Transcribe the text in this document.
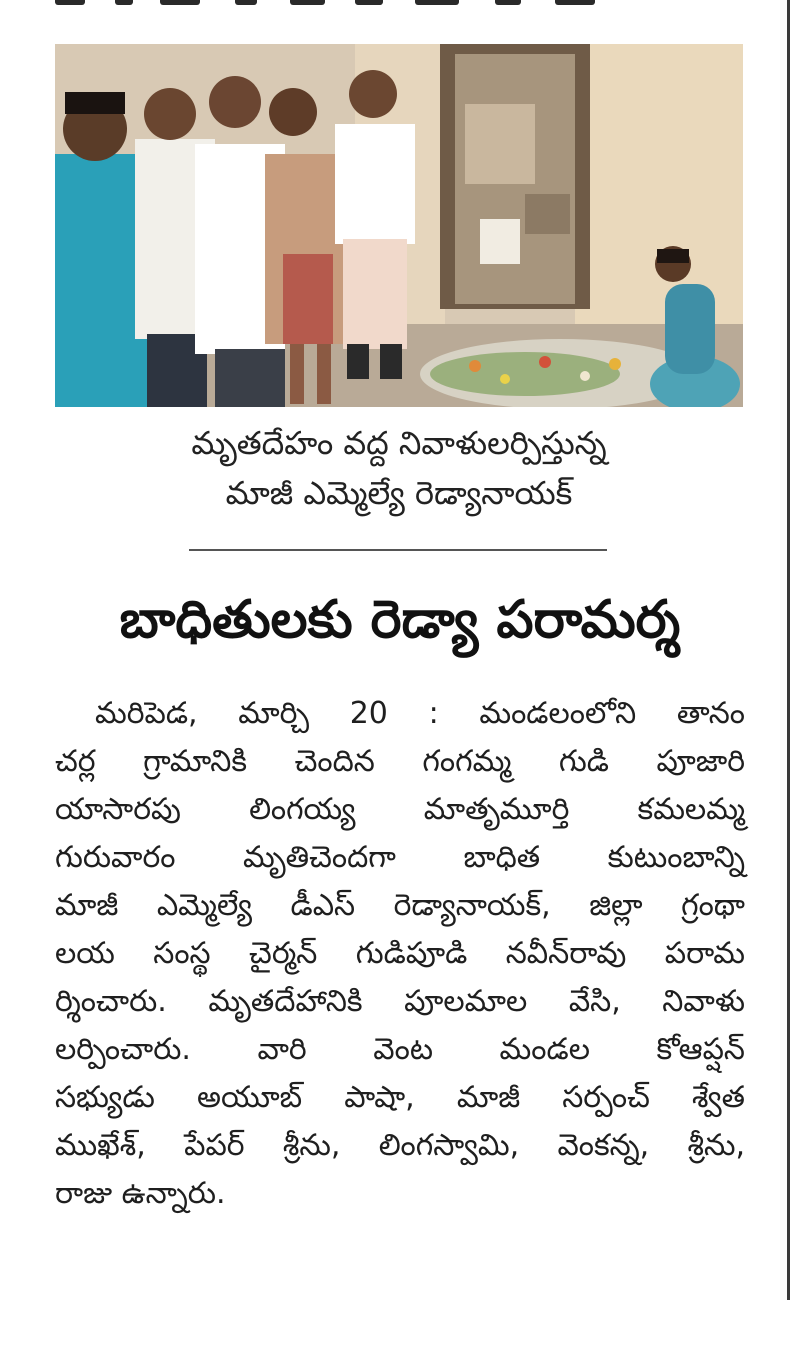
మృతదేహం వద్ద నివాళులర్పిస్తున్న
మాజీ ఎమ్మెల్యే రెడ్యానాయక్
బాధితులకు రెడ్యా పరామర్శ
మరిపెడ, మార్చి 20 : మండలంలోని తానం
చర్ల గ్రామానికి చెందిన గంగమ్మ గుడి పూజారి
యాసారపు లింగయ్య మాతృమూర్తి కమలమ్మ
గురువారం మృతిచెందగా బాధిత కుటుంబాన్ని
మాజీ ఎమ్మెల్యే డీఎస్ రెడ్యానాయక్, జిల్లా గ్రంథా
లయ సంస్థ చైర్మన్ గుడిపూడి నవీన్‌రావు పరామ
ర్శించారు. మృతదేహానికి పూలమాల వేసి, నివాళు
లర్పించారు. వారి వెంట మండల కోఆప్షన్
సభ్యుడు అయూబ్ పాషా, మాజీ సర్పంచ్ శ్వేత
ముఖేశ్, పేపర్ శ్రీను, లింగస్వామి, వెంకన్న, శ్రీను,
రాజు ఉన్నారు.
